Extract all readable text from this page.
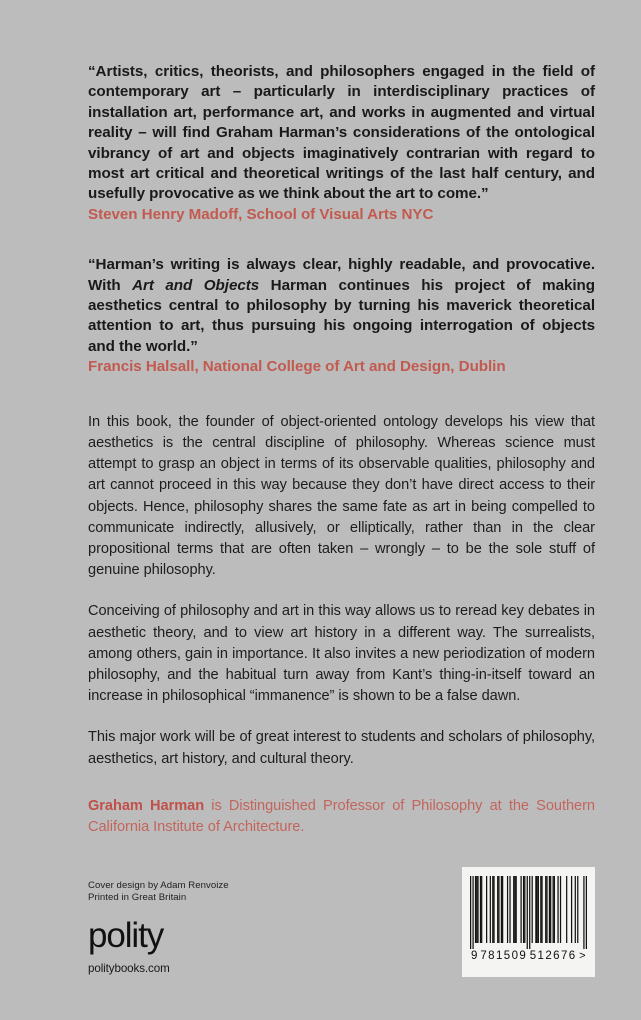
“Artists, critics, theorists, and philosophers engaged in the field of contemporary art – particularly in interdisciplinary practices of installation art, performance art, and works in augmented and virtual reality – will find Graham Harman’s considerations of the ontological vibrancy of art and objects imaginatively contrarian with regard to most art critical and theoretical writings of the last half century, and usefully provocative as we think about the art to come.”

Steven Henry Madoff, School of Visual Arts NYC

“Harman’s writing is always clear, highly readable, and provocative. With Art and Objects Harman continues his project of making aesthetics central to philosophy by turning his maverick theoretical attention to art, thus pursuing his ongoing interrogation of objects and the world.”

Francis Halsall, National College of Art and Design, Dublin

In this book, the founder of object-oriented ontology develops his view that aesthetics is the central discipline of philosophy. Whereas science must attempt to grasp an object in terms of its observable qualities, philosophy and art cannot proceed in this way because they don’t have direct access to their objects. Hence, philosophy shares the same fate as art in being compelled to communicate indirectly, allusively, or elliptically, rather than in the clear propositional terms that are often taken – wrongly – to be the sole stuff of genuine philosophy.

Conceiving of philosophy and art in this way allows us to reread key debates in aesthetic theory, and to view art history in a different way. The surrealists, among others, gain in importance. It also invites a new periodization of modern philosophy, and the habitual turn away from Kant’s thing-in-itself toward an increase in philosophical “immanence” is shown to be a false dawn.

This major work will be of great interest to students and scholars of philosophy, aesthetics, art history, and cultural theory.

Graham Harman is Distinguished Professor of Philosophy at the Southern California Institute of Architecture.

Cover design by Adam Renvoize
Printed in Great Britain
polity
politybooks.com
9 781509 512676 >
